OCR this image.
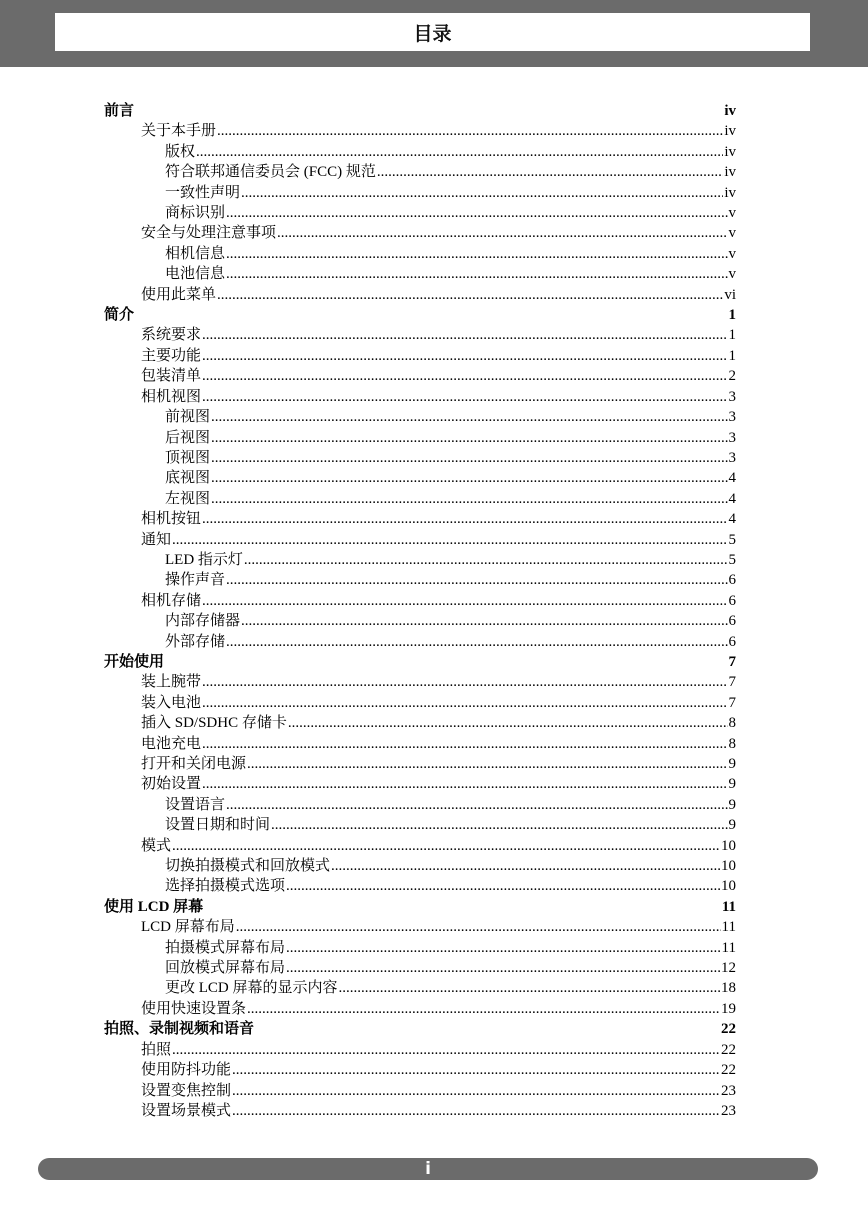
目录
前言	iv
关于本手册 .....	iv
版权 .....	iv
符合联邦通信委员会 (FCC) 规范 .....	iv
一致性声明 .....	iv
商标识别 .....	v
安全与处理注意事项 .....	v
相机信息 .....	v
电池信息 .....	v
使用此菜单 .....	vi
简介	1
系统要求 .....	1
主要功能 .....	1
包装清单 .....	2
相机视图 .....	3
前视图 .....	3
后视图 .....	3
顶视图 .....	3
底视图 .....	4
左视图 .....	4
相机按钮 .....	4
通知 .....	5
LED 指示灯 .....	5
操作声音 .....	6
相机存储 .....	6
内部存储器 .....	6
外部存储 .....	6
开始使用	7
装上腕带 .....	7
装入电池 .....	7
插入 SD/SDHC 存储卡 .....	8
电池充电 .....	8
打开和关闭电源 .....	9
初始设置 .....	9
设置语言 .....	9
设置日期和时间 .....	9
模式 .....	10
切换拍摄模式和回放模式 .....	10
选择拍摄模式选项 .....	10
使用 LCD 屏幕	11
LCD 屏幕布局 .....	11
拍摄模式屏幕布局 .....	11
回放模式屏幕布局 .....	12
更改 LCD 屏幕的显示内容 .....	18
使用快速设置条 .....	19
拍照、录制视频和语音	22
拍照 .....	22
使用防抖功能 .....	22
设置变焦控制 .....	23
设置场景模式 .....	23
i
